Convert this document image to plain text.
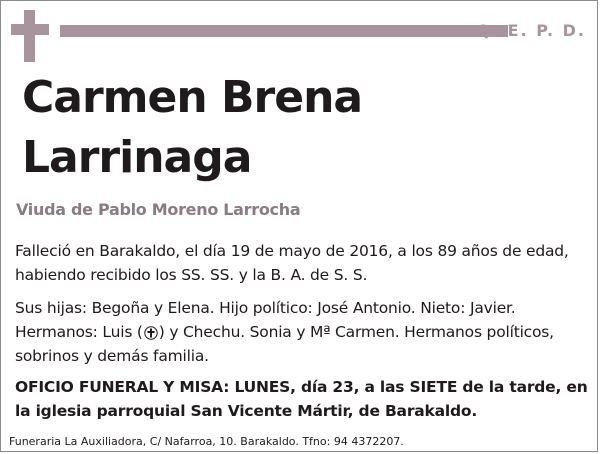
Q. E. P. D.
Carmen Brena
Larrinaga
Viuda de Pablo Moreno Larrocha
Falleció en Barakaldo, el día 19 de mayo de 2016, a los 89 años de edad, habiendo recibido los SS. SS. y la B. A. de S. S.
Sus hijas: Begoña y Elena. Hijo político: José Antonio. Nieto: Javier. Hermanos: Luis ( ) y Chechu. Sonia y Mª Carmen. Hermanos políticos, sobrinos y demás familia.
OFICIO FUNERAL Y MISA: LUNES, día 23, a las SIETE de la tarde, en la iglesia parroquial San Vicente Mártir, de Barakaldo.
Funeraria La Auxiliadora, C/ Nafarroa, 10. Barakaldo. Tfno: 94 4372207.
